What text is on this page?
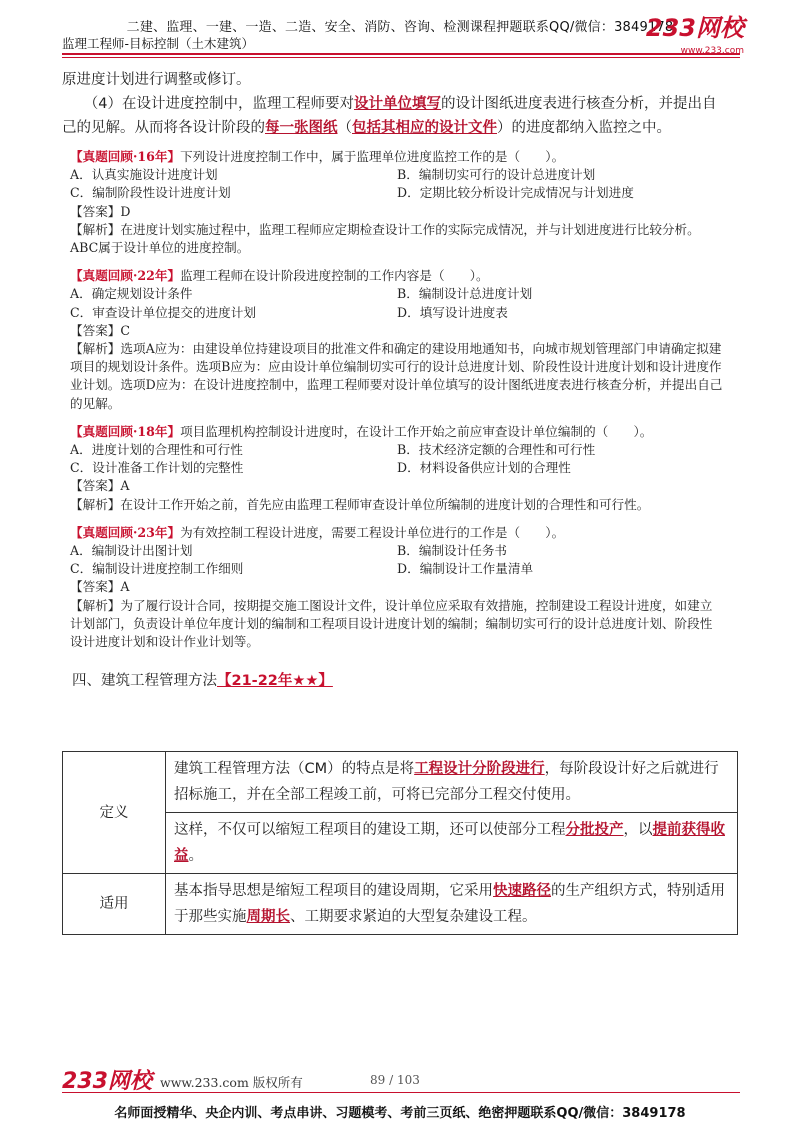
二建、监理、一建、一造、二造、安全、消防、咨询、检测课程押题联系QQ/微信：3849178
监理工程师-目标控制（土木建筑）
233网校
www.233.com

原进度计划进行调整或修订。

（4）在设计进度控制中，监理工程师要对设计单位填写的设计图纸进度表进行核查分析，并提出自己的见解。从而将各设计阶段的每一张图纸（包括其相应的设计文件）的进度都纳入监控之中。

【真题回顾·16年】下列设计进度控制工作中，属于监理单位进度监控工作的是（　　）。
A．认真实施设计进度计划	B．编制切实可行的设计总进度计划
C．编制阶段性设计进度计划	D．定期比较分析设计完成情况与计划进度
【答案】D
【解析】在进度计划实施过程中，监理工程师应定期检查设计工作的实际完成情况，并与计划进度进行比较分析。ABC属于设计单位的进度控制。
【真题回顾·22年】监理工程师在设计阶段进度控制的工作内容是（　　）。
A．确定规划设计条件	B．编制设计总进度计划
C．审查设计单位提交的进度计划	D．填写设计进度表
【答案】C
【解析】选项A应为：由建设单位持建设项目的批准文件和确定的建设用地通知书，向城市规划管理部门申请确定拟建项目的规划设计条件。选项B应为：应由设计单位编制切实可行的设计总进度计划、阶段性设计进度计划和设计进度作业计划。选项D应为：在设计进度控制中，监理工程师要对设计单位填写的设计图纸进度表进行核查分析，并提出自己的见解。
【真题回顾·18年】项目监理机构控制设计进度时，在设计工作开始之前应审查设计单位编制的（　　）。
A．进度计划的合理性和可行性	B．技术经济定额的合理性和可行性
C．设计准备工作计划的完整性	D．材料设备供应计划的合理性
【答案】A
【解析】在设计工作开始之前，首先应由监理工程师审查设计单位所编制的进度计划的合理性和可行性。
【真题回顾·23年】为有效控制工程设计进度，需要工程设计单位进行的工作是（　　）。
A．编制设计出图计划	B．编制设计任务书
C．编制设计进度控制工作细则	D．编制设计工作量清单
【答案】A
【解析】为了履行设计合同，按期提交施工图设计文件，设计单位应采取有效措施，控制建设工程设计进度，如建立计划部门，负责设计单位年度计划的编制和工程项目设计进度计划的编制；编制切实可行的设计总进度计划、阶段性设计进度计划和设计作业计划等。
四、建筑工程管理方法【21-22年★★】
定义	建筑工程管理方法（CM）的特点是将工程设计分阶段进行，每阶段设计好之后就进行招标施工，并在全部工程竣工前，可将已完部分工程交付使用。
	这样，不仅可以缩短工程项目的建设工期，还可以使部分工程分批投产，以提前获得收益。
适用	基本指导思想是缩短工程项目的建设周期，它采用快速路径的生产组织方式，特别适用于那些实施周期长、工期要求紧迫的大型复杂建设工程。
233网校 www.233.com 版权所有	89 / 103
名师面授精华、央企内训、考点串讲、习题模考、考前三页纸、绝密押题联系QQ/微信：3849178
